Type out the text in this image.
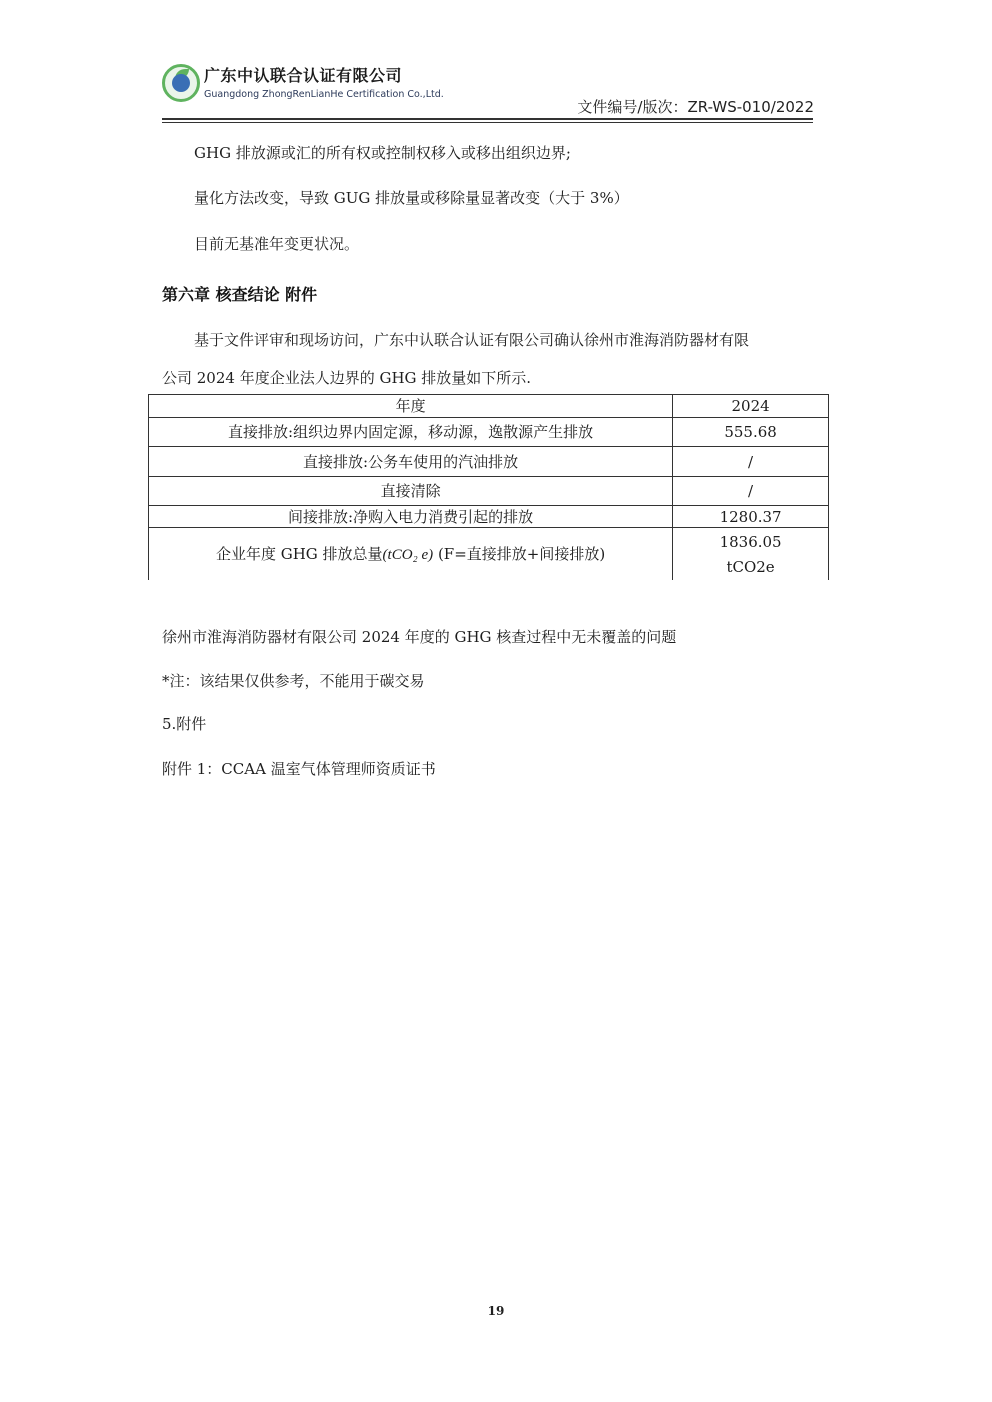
广东中认联合认证有限公司
Guangdong ZhongRenLianHe Certification Co.,Ltd.
文件编号/版次：ZR-WS-010/2022
GHG 排放源或汇的所有权或控制权移入或移出组织边界;
量化方法改变，导致 GUG 排放量或移除量显著改变（大于 3%）
目前无基准年变更状况。
第六章 核查结论 附件
基于文件评审和现场访问，广东中认联合认证有限公司确认徐州市淮海消防器材有限
公司 2024 年度企业法人边界的 GHG 排放量如下所示.
年度	2024
直接排放:组织边界内固定源，移动源，逸散源产生排放	555.68
直接排放:公务车使用的汽油排放	/
直接清除	/
间接排放:净购入电力消费引起的排放	1280.37
企业年度 GHG 排放总量(tCO₂ e) (F=直接排放+间接排放)	1836.05
tCO2e
徐州市淮海消防器材有限公司 2024 年度的 GHG 核查过程中无未覆盖的问题
*注：该结果仅供参考，不能用于碳交易
5.附件
附件 1：CCAA 温室气体管理师资质证书
19
